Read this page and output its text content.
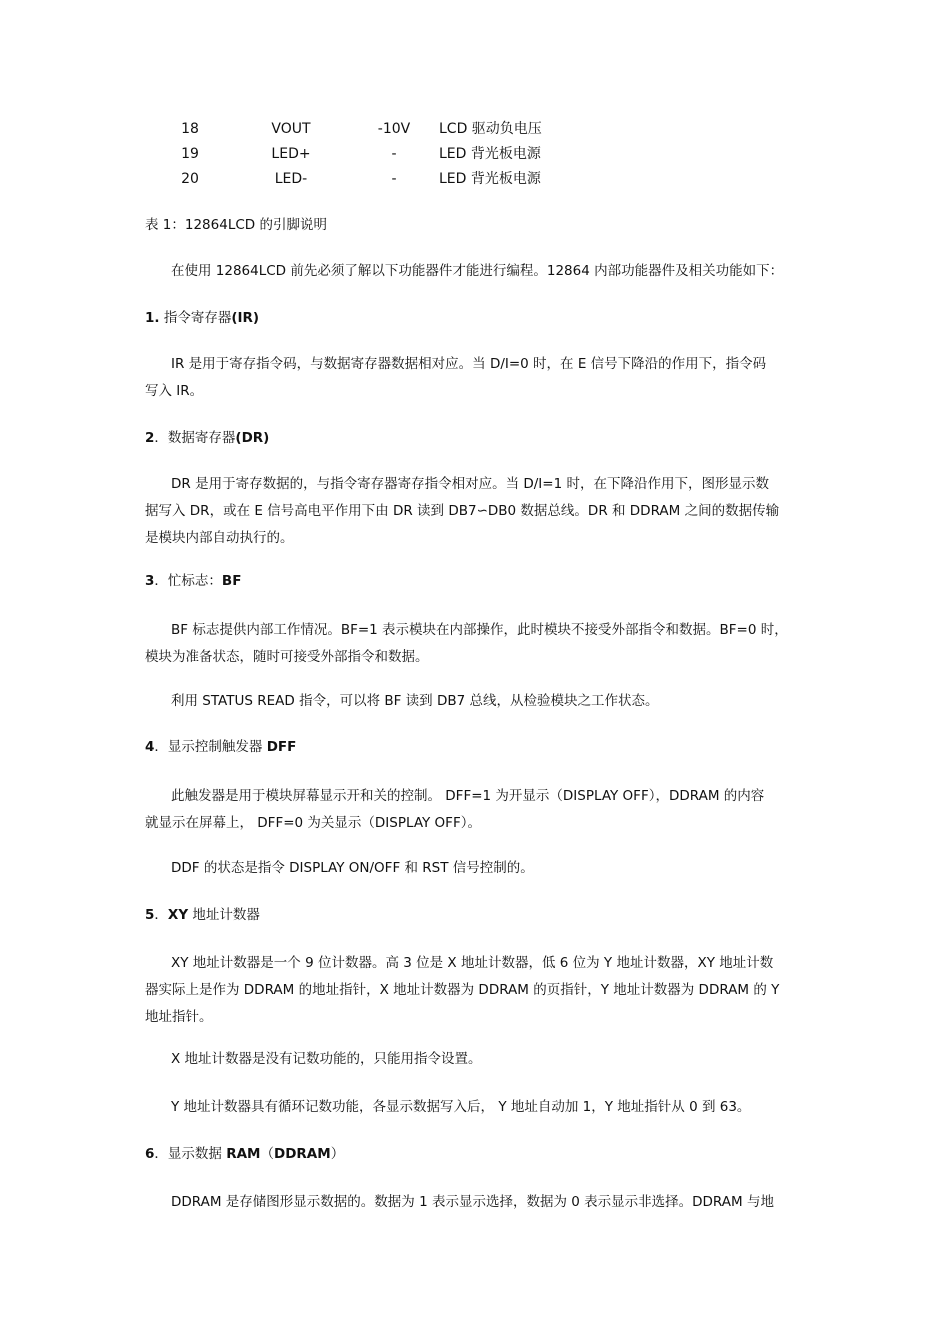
18	VOUT	-10V	LCD 驱动负电压
19	LED+	-	LED 背光板电源
20	LED-	-	LED 背光板电源

表 1：12864LCD 的引脚说明

在使用 12864LCD 前先必须了解以下功能器件才能进行编程。12864 内部功能器件及相关功能如下：

1. 指令寄存器(IR)

IR 是用于寄存指令码，与数据寄存器数据相对应。当 D/I=0 时，在 E 信号下降沿的作用下，指令码

写入 IR。

2．数据寄存器(DR)

DR 是用于寄存数据的，与指令寄存器寄存指令相对应。当 D/I=1 时，在下降沿作用下，图形显示数

据写入 DR，或在 E 信号高电平作用下由 DR 读到 DB7∽DB0 数据总线。DR 和 DDRAM 之间的数据传输

是模块内部自动执行的。

3．忙标志：BF

BF 标志提供内部工作情况。BF=1 表示模块在内部操作，此时模块不接受外部指令和数据。BF=0 时，

模块为准备状态，随时可接受外部指令和数据。

利用 STATUS READ 指令，可以将 BF 读到 DB7 总线，从检验模块之工作状态。

4．显示控制触发器 DFF

此触发器是用于模块屏幕显示开和关的控制。 DFF=1 为开显示（DISPLAY OFF），DDRAM 的内容

就显示在屏幕上， DFF=0 为关显示（DISPLAY OFF）。

DDF 的状态是指令 DISPLAY ON/OFF 和 RST 信号控制的。

5．XY 地址计数器

XY 地址计数器是一个 9 位计数器。高 3 位是 X 地址计数器，低 6 位为 Y 地址计数器，XY 地址计数

器实际上是作为 DDRAM 的地址指针，X 地址计数器为 DDRAM 的页指针，Y 地址计数器为 DDRAM 的 Y

地址指针。

X 地址计数器是没有记数功能的，只能用指令设置。

Y 地址计数器具有循环记数功能，各显示数据写入后， Y 地址自动加 1，Y 地址指针从 0 到 63。

6．显示数据 RAM（DDRAM）

DDRAM 是存储图形显示数据的。数据为 1 表示显示选择，数据为 0 表示显示非选择。DDRAM 与地
